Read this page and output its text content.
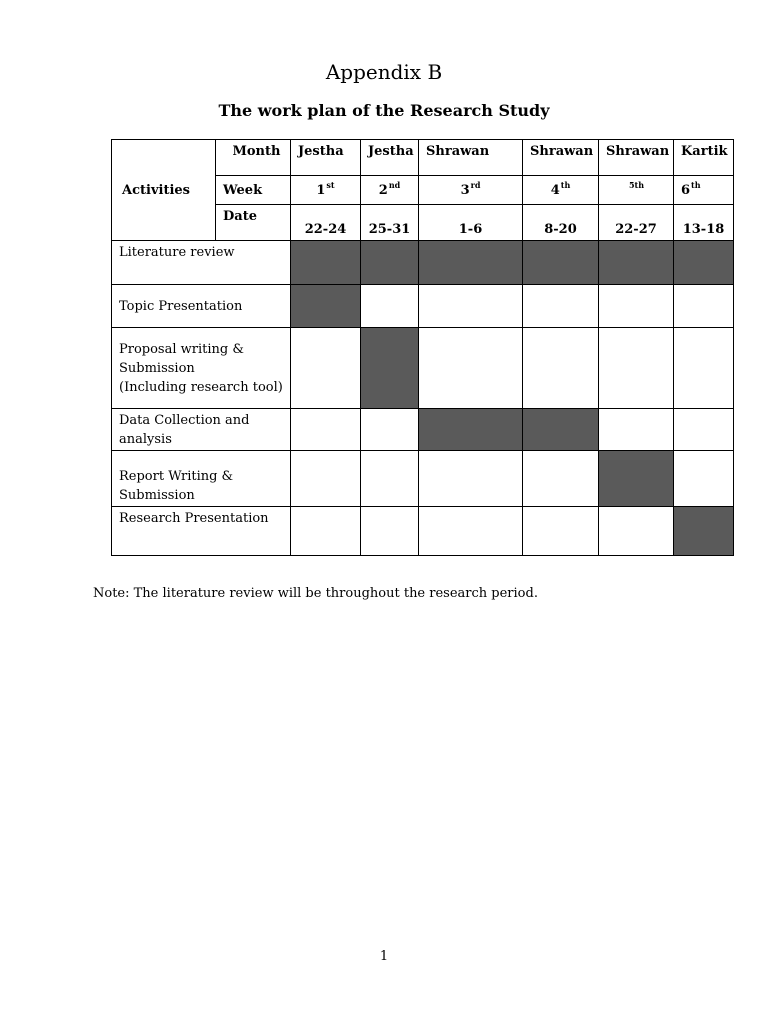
Appendix B
The work plan of the Research Study
Activities	Month	Jestha	Jestha	Shrawan	Shrawan	Shrawan	Kartik
	Week	1st	2nd	3rd	4th	$^{5th}$	6th
	Date	22-24	25-31	1-6	8-20	22-27	13-18
Literature review							
Topic Presentation							

Proposal writing &
Submission
(Including research tool)							

Data Collection and
analysis							

Report Writing &
Submission							

Research Presentation							
Note: The literature review will be throughout the research period.
1
